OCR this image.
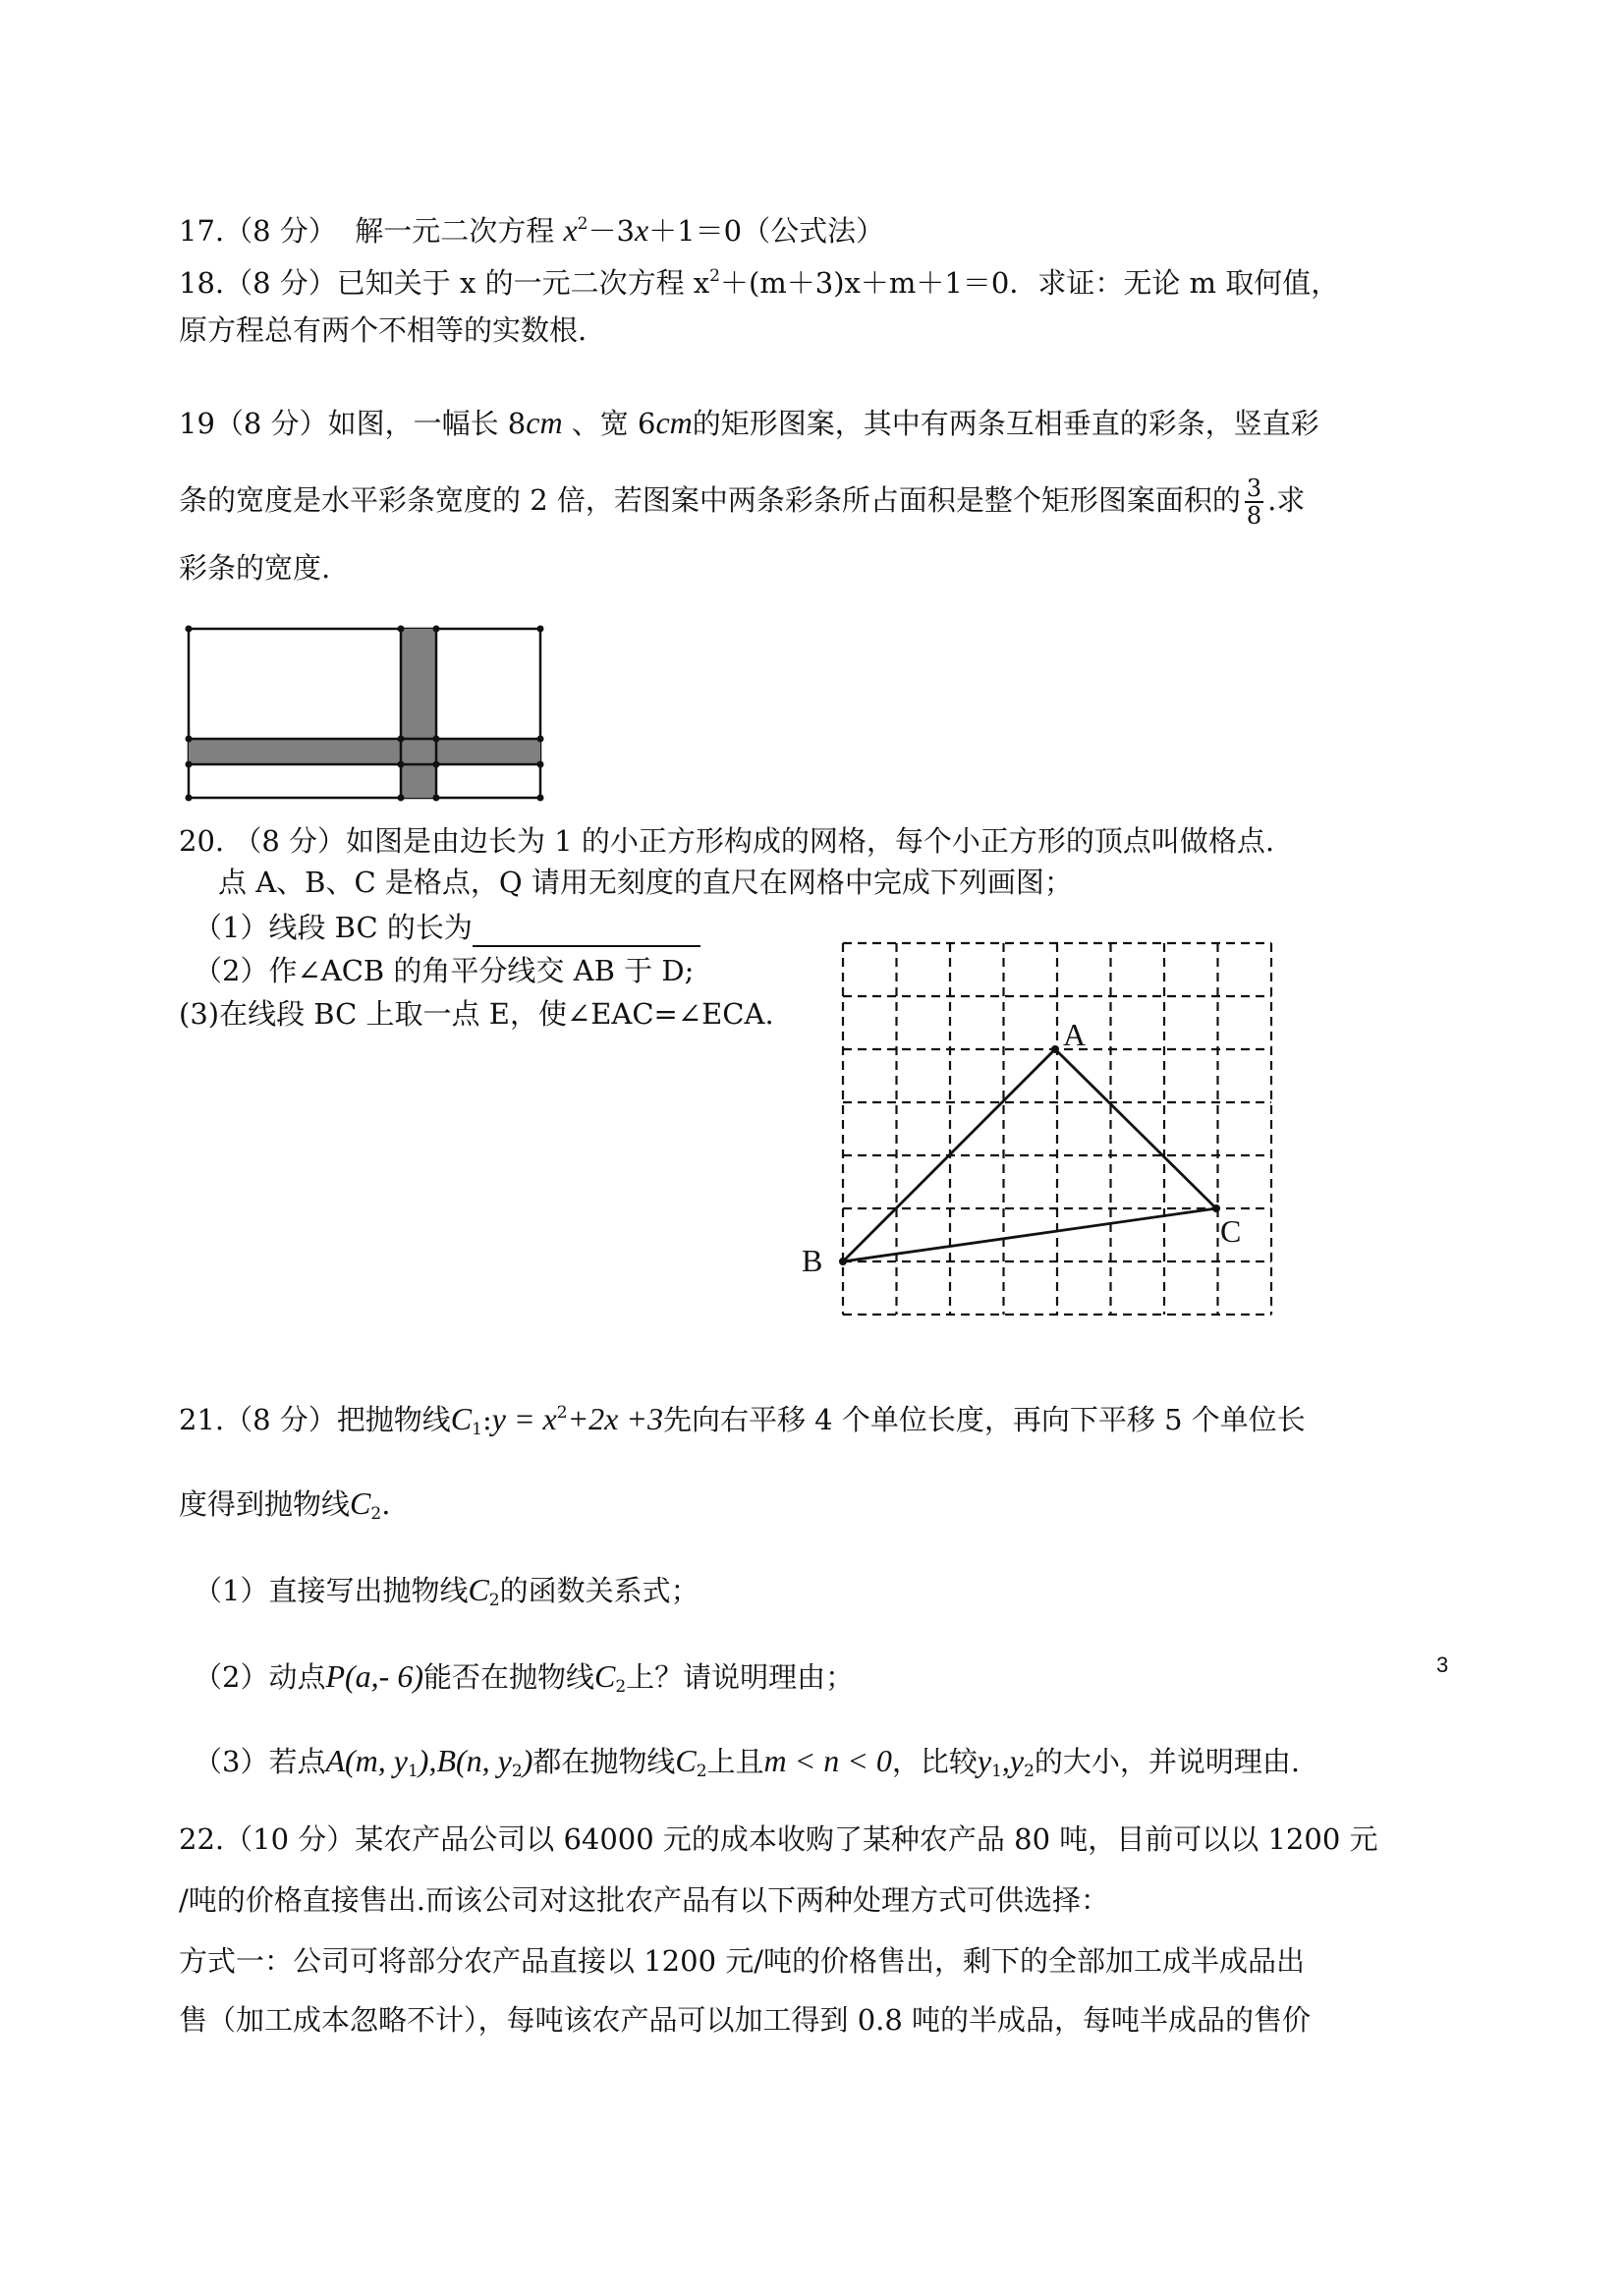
17.（8 分） 解一元二次方程 $x^2-3x+1=0$（公式法）
18.（8 分）已知关于 x 的一元二次方程 $x^2+(m+3)x+m+1=0$．求证：无论 m 取何值，
原方程总有两个不相等的实数根.
19（8 分）如图，一幅长 8cm 、宽 6cm的矩形图案，其中有两条互相垂直的彩条，竖直彩
条的宽度是水平彩条宽度的 2 倍，若图案中两条彩条所占面积是整个矩形图案面积的 $\frac{3}{8}$ .求
彩条的宽度.
20. （8 分）如图是由边长为 1 的小正方形构成的网格，每个小正方形的顶点叫做格点.
点 A、B、C 是格点，Q 请用无刻度的直尺在网格中完成下列画图；
（1）线段 BC 的长为
（2）作∠ACB 的角平分线交 AB 于 D;
(3)在线段 BC 上取一点 E，使∠EAC=∠ECA.
A
B
C
21.（8 分）把抛物线$C_1:y = x^2+2x +3$先向右平移 4 个单位长度，再向下平移 5 个单位长
度得到抛物线$C_2$.
（1）直接写出抛物线$C_2$的函数关系式；
（2）动点P(a,- 6)能否在抛物线$C_2$上？请说明理由；
（3）若点A(m, $y_1),B(n$, $y_2$)都在抛物线$C_2$上且m < n < 0，比较$y_1,y_2$的大小，并说明理由.
22.（10 分）某农产品公司以 64000 元的成本收购了某种农产品 80 吨，目前可以以 1200 元
/吨的价格直接售出.而该公司对这批农产品有以下两种处理方式可供选择：
方式一：公司可将部分农产品直接以 1200 元/吨的价格售出，剩下的全部加工成半成品出
售（加工成本忽略不计），每吨该农产品可以加工得到 0.8 吨的半成品，每吨半成品的售价
3
